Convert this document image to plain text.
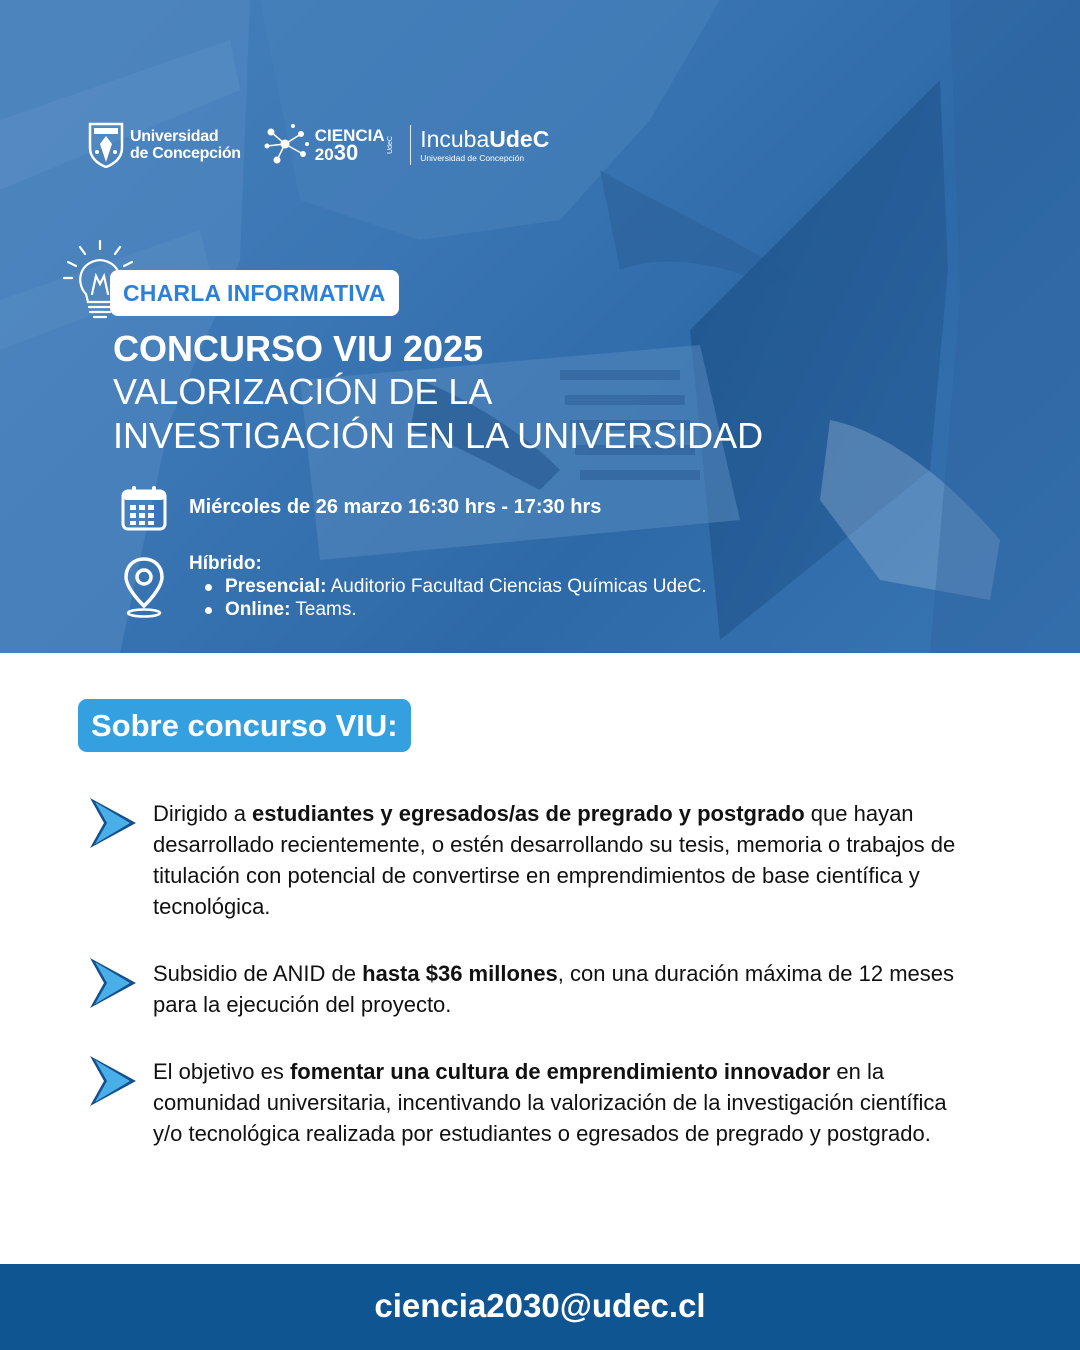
Universidad
de Concepción
CIENCIA
2030	UdeC IncubaUdeC
Universidad de Concepción
CHARLA INFORMATIVA
CONCURSO VIU 2025
VALORIZACIÓN DE LA
INVESTIGACIÓN EN LA UNIVERSIDAD
Miércoles de 26 marzo 16:30 hrs - 17:30 hrs
Híbrido:
Presencial: Auditorio Facultad Ciencias Químicas UdeC.
Online: Teams.
Sobre concurso VIU:
Dirigido a estudiantes y egresados/as de pregrado y postgrado que hayan desarrollado recientemente, o estén desarrollando su tesis, memoria o trabajos de titulación con potencial de convertirse en emprendimientos de base científica y tecnológica.
Subsidio de ANID de hasta $36 millones, con una duración máxima de 12 meses para la ejecución del proyecto.
El objetivo es fomentar una cultura de emprendimiento innovador en la comunidad universitaria, incentivando la valorización de la investigación científica y/o tecnológica realizada por estudiantes o egresados de pregrado y postgrado.
ciencia2030@udec.cl
